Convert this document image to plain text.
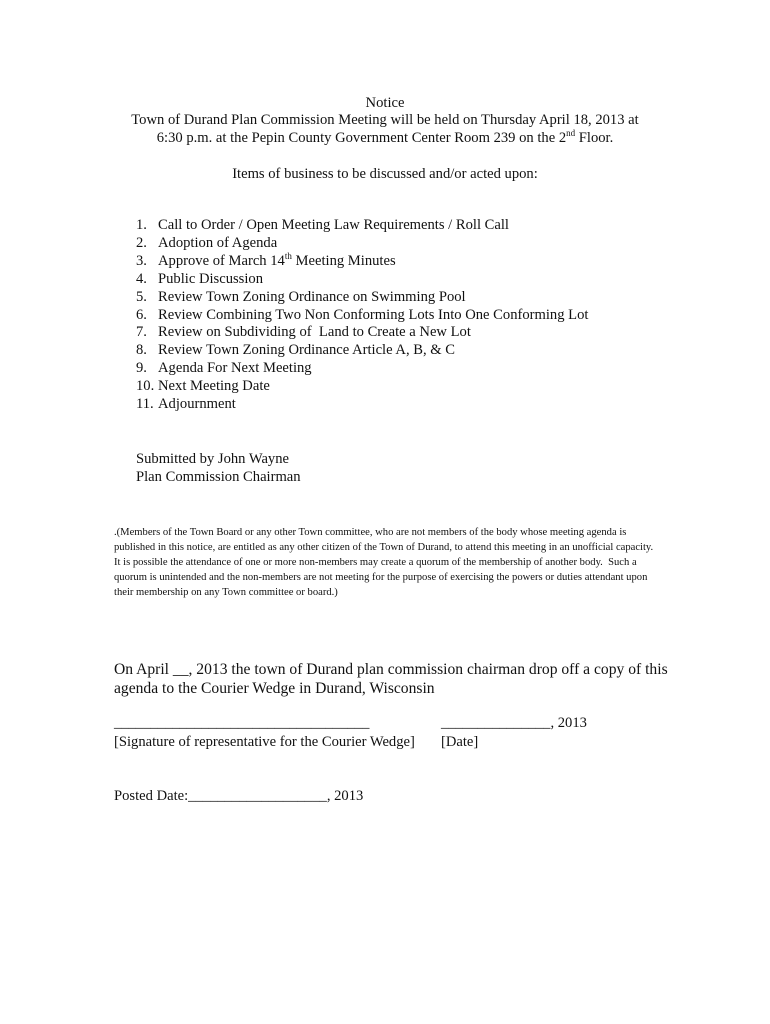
Notice
Town of Durand Plan Commission Meeting will be held on Thursday April 18, 2013 at
6:30 p.m. at the Pepin County Government Center Room 239 on the 2nd Floor.
Items of business to be discussed and/or acted upon:
1. Call to Order / Open Meeting Law Requirements / Roll Call
2. Adoption of Agenda
3. Approve of March 14th Meeting Minutes
4. Public Discussion
5. Review Town Zoning Ordinance on Swimming Pool
6. Review Combining Two Non Conforming Lots Into One Conforming Lot
7. Review on Subdividing of  Land to Create a New Lot
8. Review Town Zoning Ordinance Article A, B, & C
9. Agenda For Next Meeting
10. Next Meeting Date
11. Adjournment
Submitted by John Wayne
Plan Commission Chairman

.(Members of the Town Board or any other Town committee, who are not members of the body whose meeting agenda is published in this notice, are entitled as any other citizen of the Town of Durand, to attend this meeting in an unofficial capacity.  It is possible the attendance of one or more non-members may create a quorum of the membership of another body.  Such a quorum is unintended and the non-members are not meeting for the purpose of exercising the powers or duties attendant upon their membership on any Town committee or board.)

On April __, 2013 the town of Durand plan commission chairman drop off a copy of this
agenda to the Courier Wedge in Durand, Wisconsin
___________________________________	_______________, 2013
[Signature of representative for the Courier Wedge] [Date]
Posted Date:___________________, 2013
